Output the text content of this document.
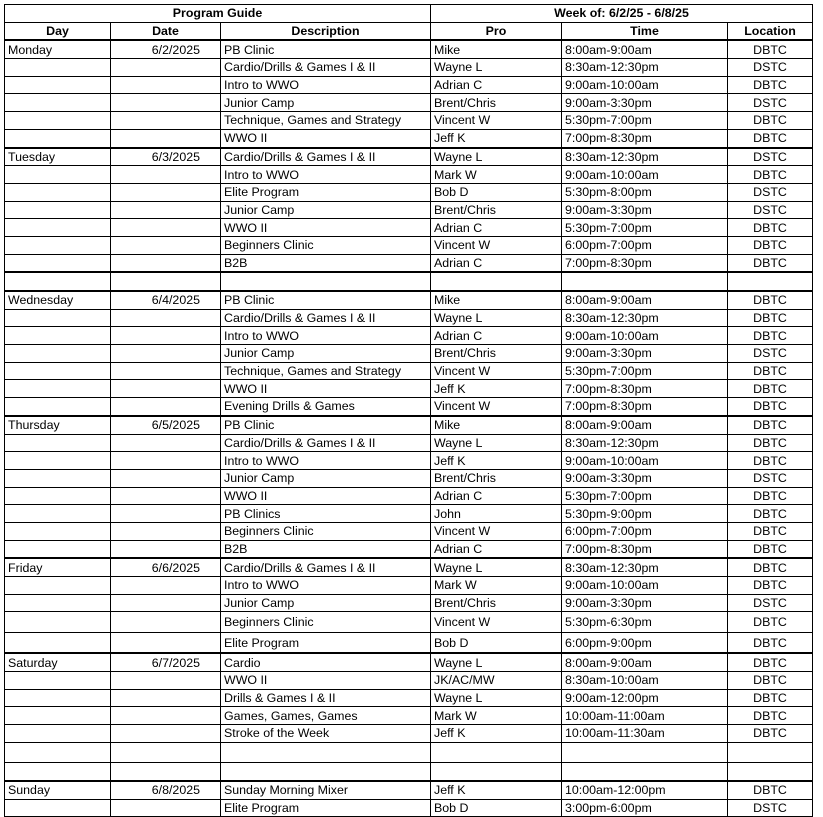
Program Guide			Week of: 6/2/25 - 6/8/25		
Day	Date	Description	Pro	Time	Location
Monday	6/2/2025	PB Clinic	Mike	8:00am-9:00am	DBTC
		Cardio/Drills & Games I & II	Wayne L	8:30am-12:30pm	DSTC
		Intro to WWO	Adrian C	9:00am-10:00am	DBTC
		Junior Camp	Brent/Chris	9:00am-3:30pm	DSTC
		Technique, Games and Strategy	Vincent W	5:30pm-7:00pm	DBTC
		WWO II	Jeff K	7:00pm-8:30pm	DBTC
Tuesday	6/3/2025	Cardio/Drills & Games I & II	Wayne L	8:30am-12:30pm	DSTC
		Intro to WWO	Mark W	9:00am-10:00am	DBTC
		Elite Program	Bob D	5:30pm-8:00pm	DSTC
		Junior Camp	Brent/Chris	9:00am-3:30pm	DSTC
		WWO II	Adrian C	5:30pm-7:00pm	DBTC
		Beginners Clinic	Vincent W	6:00pm-7:00pm	DBTC
		B2B	Adrian C	7:00pm-8:30pm	DBTC

Wednesday	6/4/2025	PB Clinic	Mike	8:00am-9:00am	DBTC
		Cardio/Drills & Games I & II	Wayne L	8:30am-12:30pm	DBTC
		Intro to WWO	Adrian C	9:00am-10:00am	DBTC
		Junior Camp	Brent/Chris	9:00am-3:30pm	DSTC
		Technique, Games and Strategy	Vincent W	5:30pm-7:00pm	DBTC
		WWO II	Jeff K	7:00pm-8:30pm	DBTC
		Evening Drills & Games	Vincent W	7:00pm-8:30pm	DBTC
Thursday	6/5/2025	PB Clinic	Mike	8:00am-9:00am	DBTC
		Cardio/Drills & Games I & II	Wayne L	8:30am-12:30pm	DBTC
		Intro to WWO	Jeff K	9:00am-10:00am	DBTC
		Junior Camp	Brent/Chris	9:00am-3:30pm	DSTC
		WWO II	Adrian C	5:30pm-7:00pm	DBTC
		PB Clinics	John	5:30pm-9:00pm	DBTC
		Beginners Clinic	Vincent W	6:00pm-7:00pm	DBTC
		B2B	Adrian C	7:00pm-8:30pm	DBTC
Friday	6/6/2025	Cardio/Drills & Games I & II	Wayne L	8:30am-12:30pm	DBTC
		Intro to WWO	Mark W	9:00am-10:00am	DBTC
		Junior Camp	Brent/Chris	9:00am-3:30pm	DSTC
		Beginners Clinic	Vincent W	5:30pm-6:30pm	DBTC
		Elite Program	Bob D	6:00pm-9:00pm	DBTC
Saturday	6/7/2025	Cardio	Wayne L	8:00am-9:00am	DBTC
		WWO II	JK/AC/MW	8:30am-10:00am	DBTC
		Drills & Games I & II	Wayne L	9:00am-12:00pm	DBTC
		Games, Games, Games	Mark W	10:00am-11:00am	DBTC
		Stroke of the Week	Jeff K	10:00am-11:30am	DBTC

Sunday	6/8/2025	Sunday Morning Mixer	Jeff K	10:00am-12:00pm	DBTC
		Elite Program	Bob D	3:00pm-6:00pm	DSTC
